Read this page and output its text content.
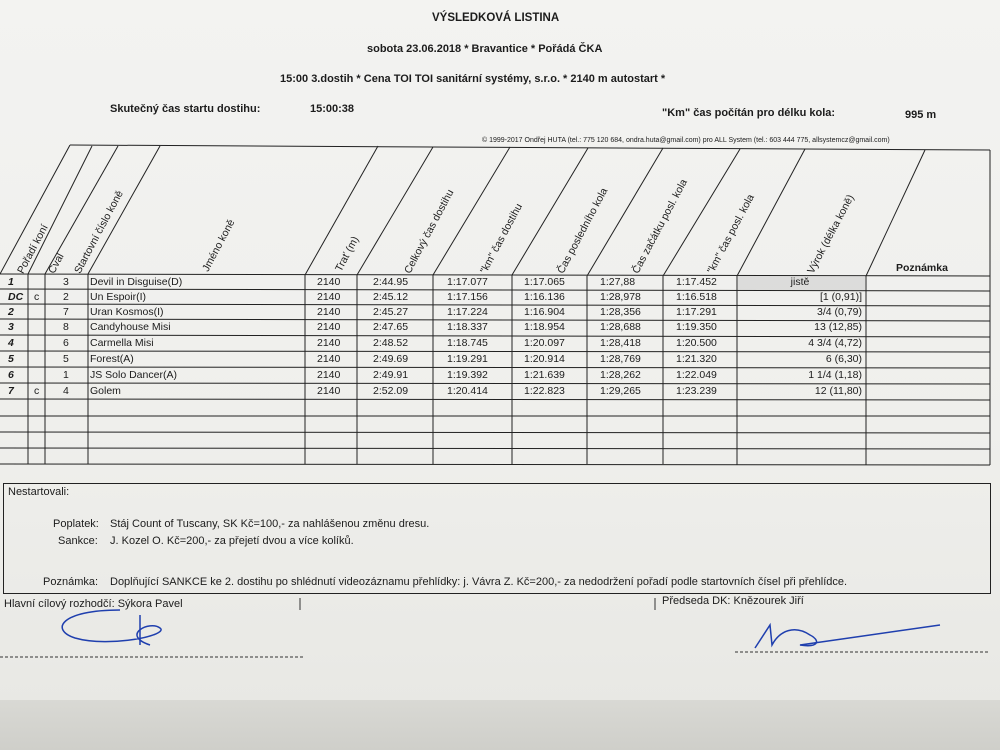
VÝSLEDKOVÁ LISTINA
sobota 23.06.2018 * Bravantice * Pořádá ČKA
15:00 3.dostih * Cena TOI TOI sanitární systémy, s.r.o. * 2140 m autostart *
Skutečný čas startu dostihu:	15:00:38	"Km" čas počítán pro délku kola:	995 m
© 1999-2017 Ondřej HUTA (tel.: 775 120 684, ondra.huta@gmail.com) pro ALL System (tel.: 603 444 775, allsystemcz@gmail.com)
Pořadí koní
Cval Startovní číslo koně	Jméno koně	Trať (m)	Celkový čas dostihu "km" čas dostihu	Čas posledního kola Čas začátku posl. kola "km" čas posl. kola	Výrok (délka koně)	Poznámka
1	3 Devil in Disguise(D)	2140	2:44.95	1:17.077	1:17.065	1:27,88	1:17.452	jistě
DC c 2 Un Espoir(I)	2140	2:45.12	1:17.156	1:16.136	1:28,978	1:16.518	[1 (0,91)]
2	7 Uran Kosmos(I)	2140	2:45.27	1:17.224	1:16.904	1:28,356	1:17.291	3/4 (0,79)
3	8 Candyhouse Misi	2140	2:47.65	1:18.337	1:18.954	1:28,688	1:19.350	13 (12,85)
4	6 Carmella Misi	2140	2:48.52	1:18.745	1:20.097	1:28,418	1:20.500	4 3/4 (4,72)
5	5 Forest(A)	2140	2:49.69	1:19.291	1:20.914	1:28,769	1:21.320	6 (6,30)
6	1 JS Solo Dancer(A)	2140	2:49.91	1:19.392	1:21.639	1:28,262	1:22.049	1 1/4 (1,18)
7 c 4 Golem	2140	2:52.09	1:20.414	1:22.823	1:29,265	1:23.239	12 (11,80)
Nestartovali:
Poplatek: Stáj Count of Tuscany, SK Kč=100,- za nahlášenou změnu dresu.
Sankce: J. Kozel O. Kč=200,- za přejetí dvou a více kolíků.
Poznámka: Doplňující SANKCE ke 2. dostihu po shlédnutí videozáznamu přehlídky: j. Vávra Z. Kč=200,- za nedodržení pořadí podle startovních čísel při přehlídce.
Hlavní cílový rozhodčí: Sýkora Pavel	Předseda DK: Knězourek Jiří
